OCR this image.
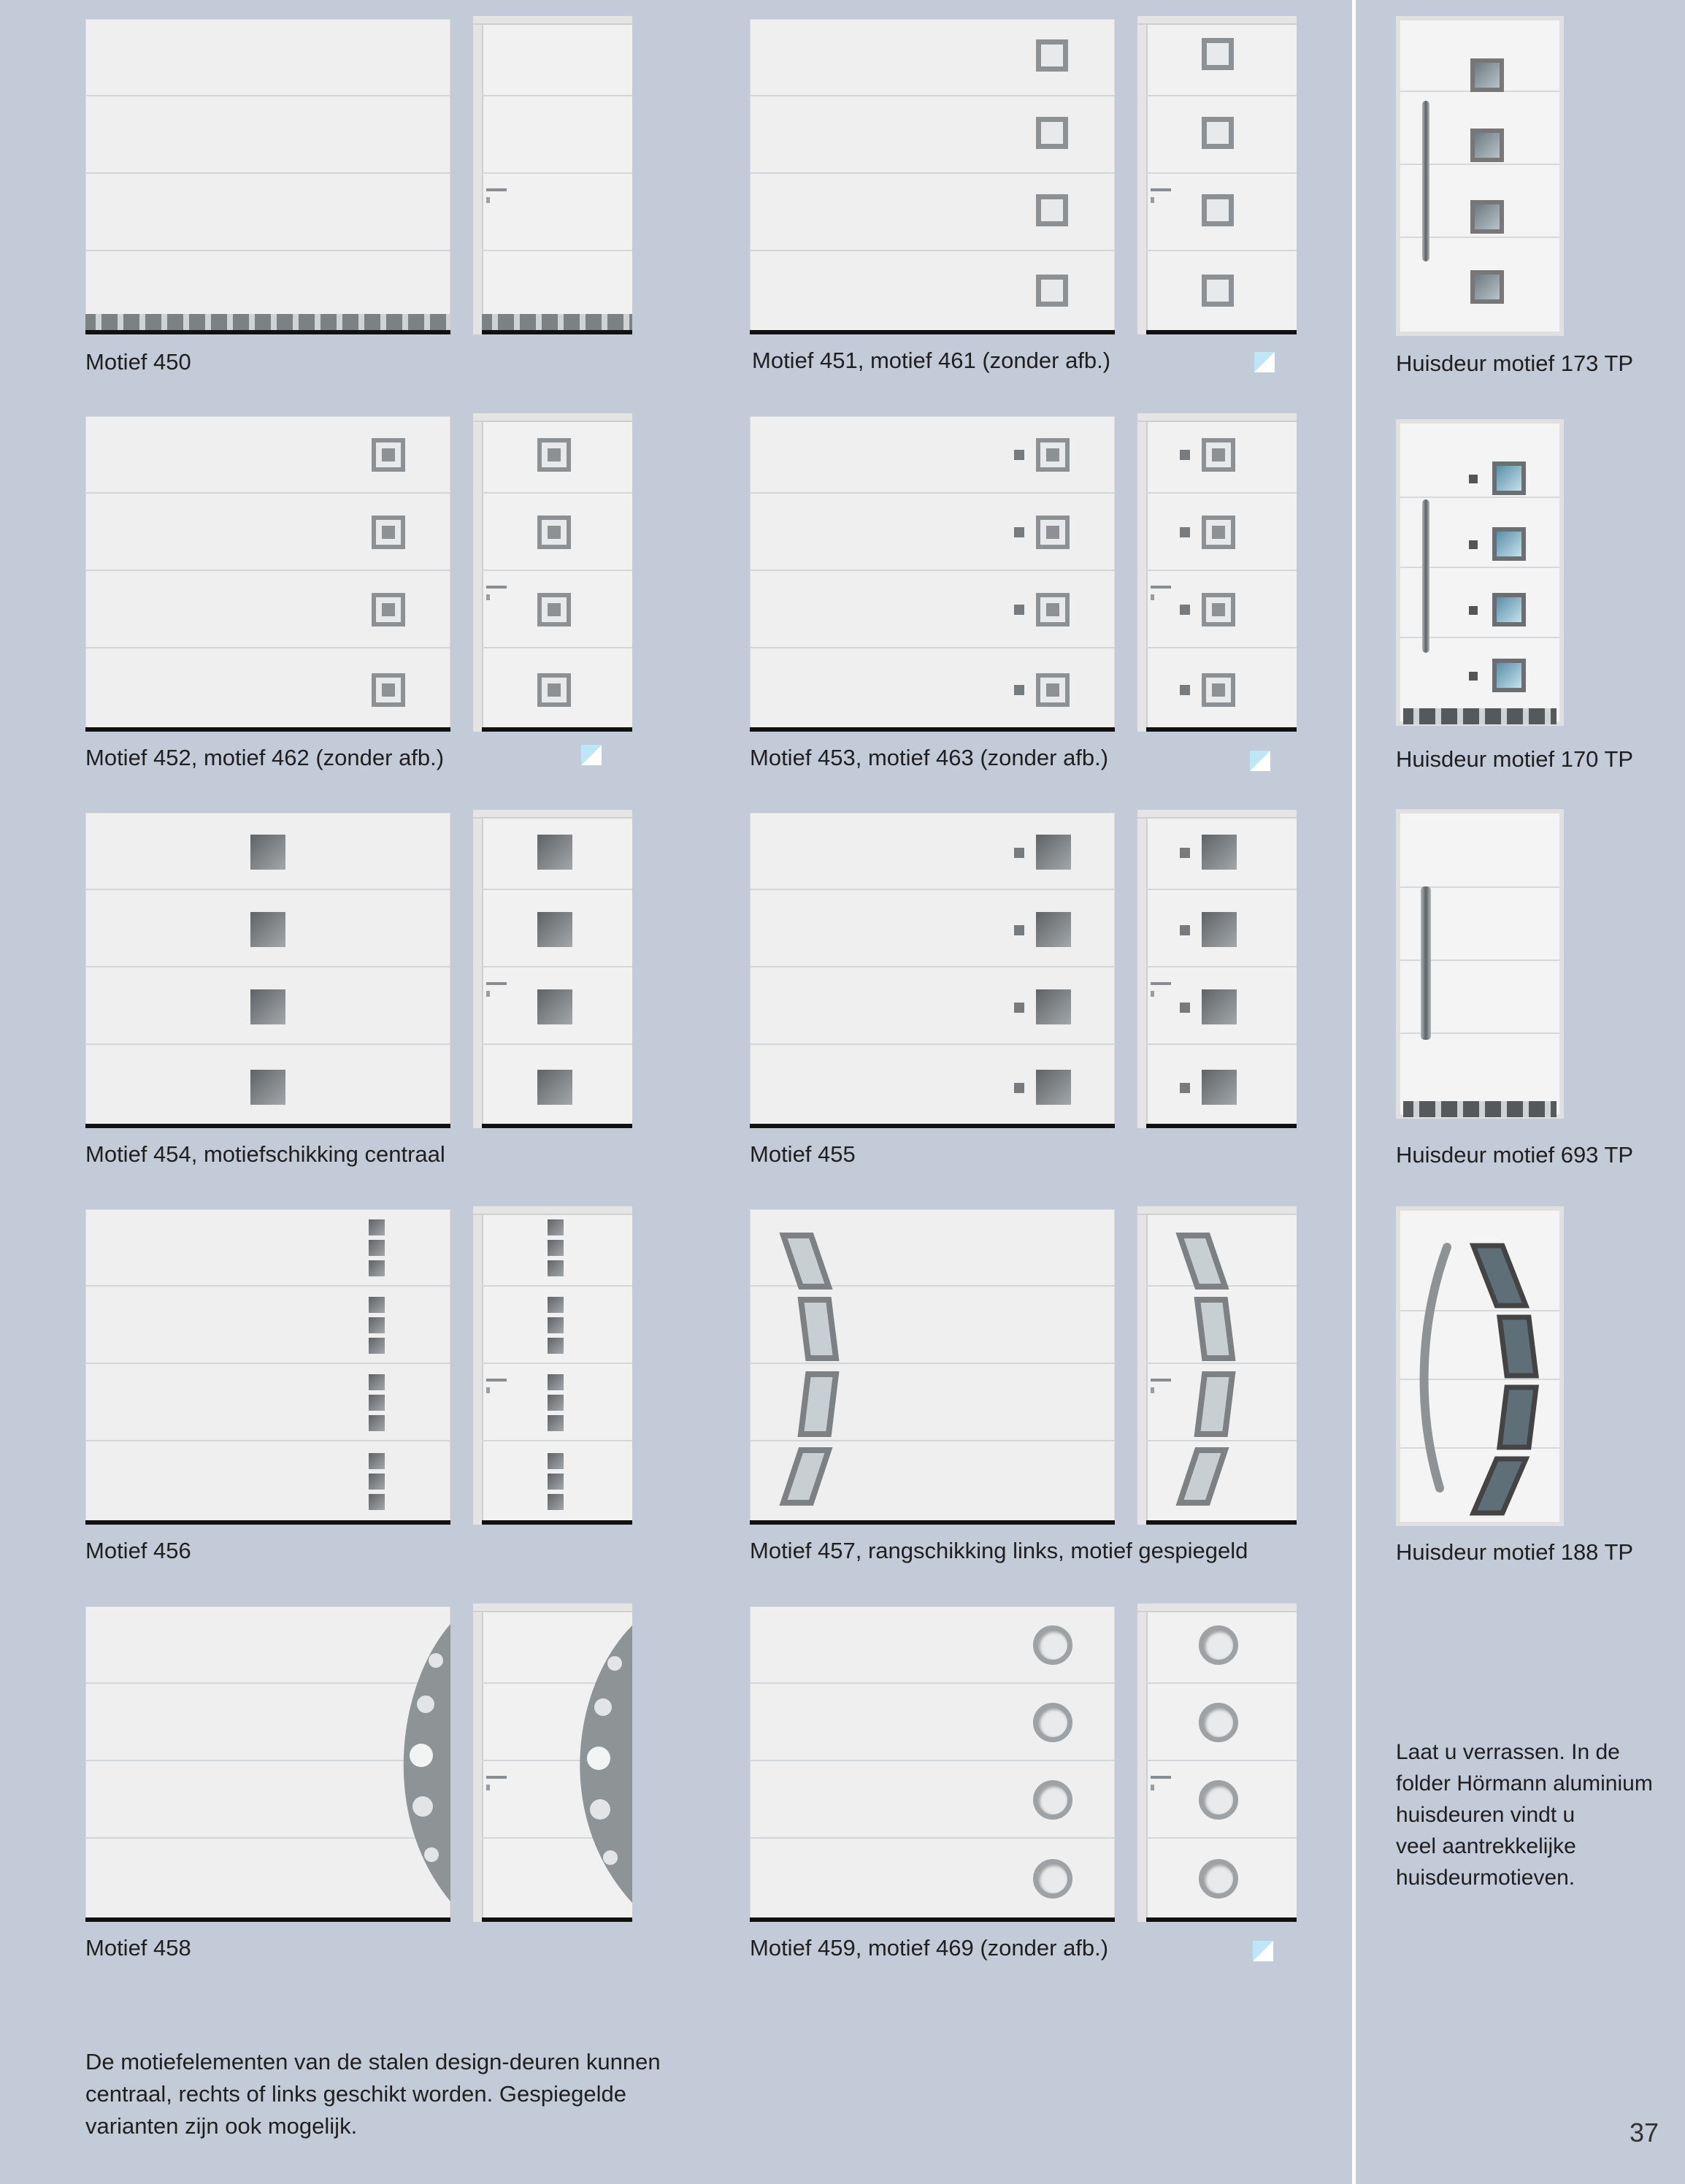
Motief 450	Motief 451, motief 461 (zonder afb.)	Huisdeur motief 173 TP
Motief 452, motief 462 (zonder afb.)	Motief 453, motief 463 (zonder afb.)	Huisdeur motief 170 TP
Motief 454, motiefschikking centraal	Motief 455	Huisdeur motief 693 TP
Motief 456	Motief 457, rangschikking links, motief gespiegeld	Huisdeur motief 188 TP
Motief 458	Motief 459, motief 469 (zonder afb.)
Laat u verrassen. In de
folder Hörmann aluminium
huisdeuren vindt u
veel aantrekkelijke
huisdeurmotieven.
De motiefelementen van de stalen design-deuren kunnen
centraal, rechts of links geschikt worden. Gespiegelde
varianten zijn ook mogelijk.	37
